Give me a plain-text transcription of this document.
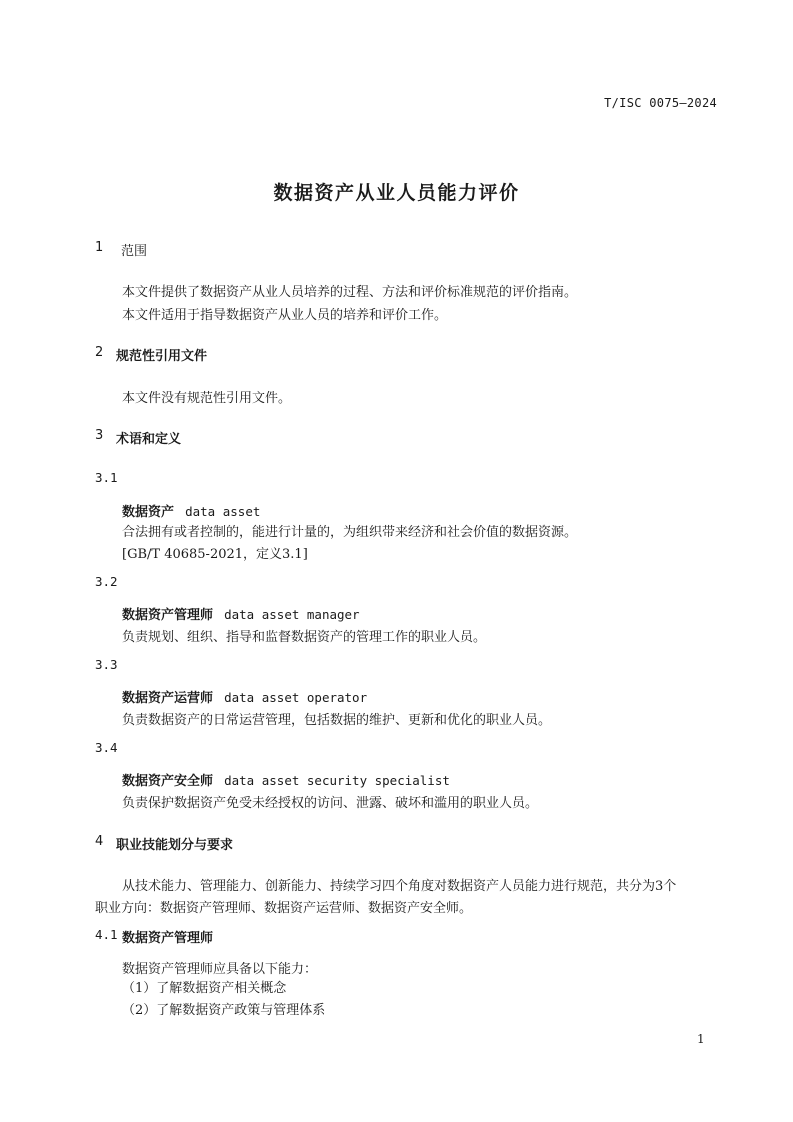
T/ISC 0075—2024
数据资产从业人员能力评价
1 范围
本文件提供了数据资产从业人员培养的过程、方法和评价标准规范的评价指南。
本文件适用于指导数据资产从业人员的培养和评价工作。
2 规范性引用文件
本文件没有规范性引用文件。
3 术语和定义
3.1
数据资产 data asset
合法拥有或者控制的，能进行计量的，为组织带来经济和社会价值的数据资源。
[GB/T 40685-2021，定义3.1]
3.2
数据资产管理师 data asset manager
负责规划、组织、指导和监督数据资产的管理工作的职业人员。
3.3
数据资产运营师 data asset operator
负责数据资产的日常运营管理，包括数据的维护、更新和优化的职业人员。
3.4
数据资产安全师 data asset security specialist
负责保护数据资产免受未经授权的访问、泄露、破坏和滥用的职业人员。
4 职业技能划分与要求
从技术能力、管理能力、创新能力、持续学习四个角度对数据资产人员能力进行规范，共分为3个
职业方向：数据资产管理师、数据资产运营师、数据资产安全师。
4.1 数据资产管理师
数据资产管理师应具备以下能力：
（1）了解数据资产相关概念
（2）了解数据资产政策与管理体系
1
